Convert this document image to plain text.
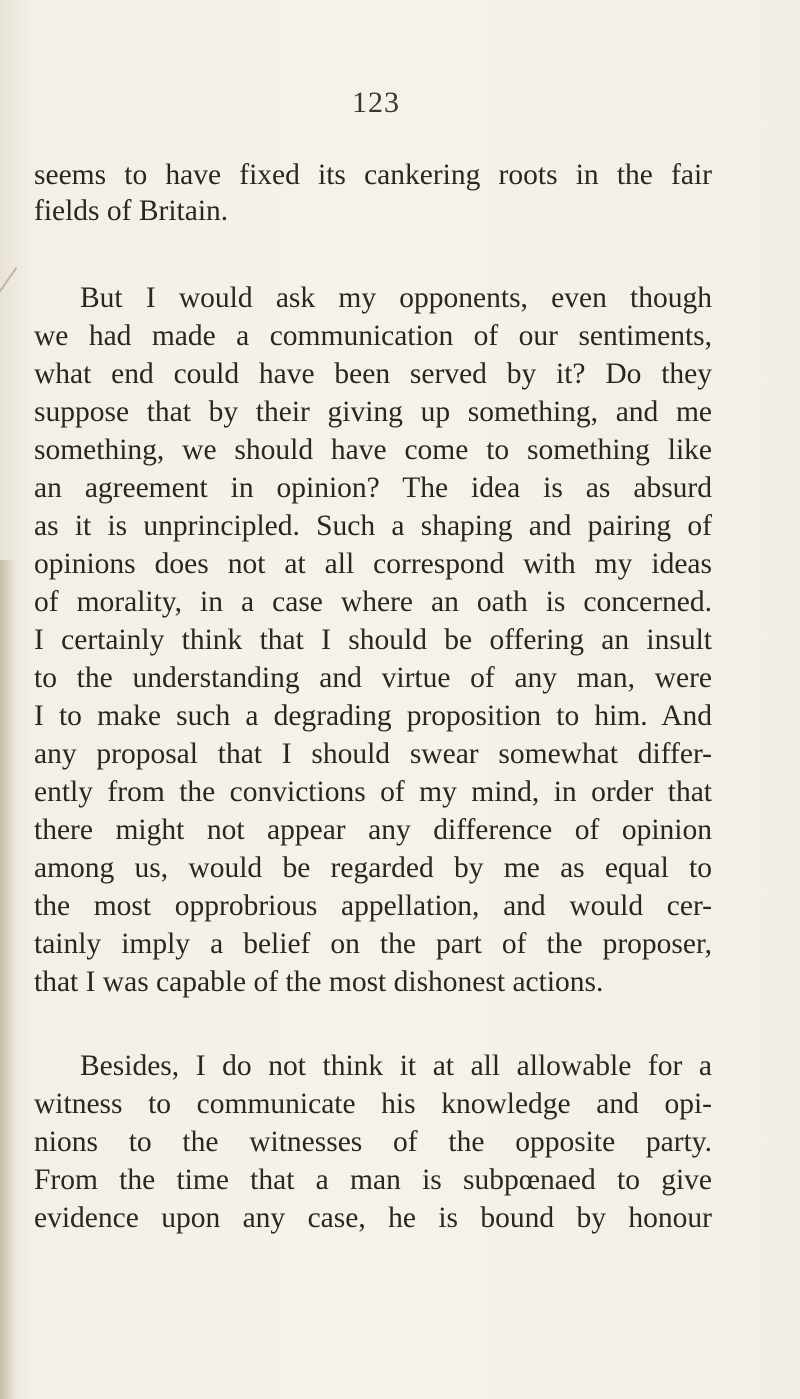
123
seems to have fixed its cankering roots in the fair
fields of Britain.
But I would ask my opponents, even though
we had made a communication of our sentiments,
what end could have been served by it? Do they
suppose that by their giving up something, and me
something, we should have come to something like
an agreement in opinion? The idea is as absurd
as it is unprincipled. Such a shaping and pairing of
opinions does not at all correspond with my ideas
of morality, in a case where an oath is concerned.
I certainly think that I should be offering an insult
to the understanding and virtue of any man, were
I to make such a degrading proposition to him. And
any proposal that I should swear somewhat differ-
ently from the convictions of my mind, in order that
there might not appear any difference of opinion
among us, would be regarded by me as equal to
the most opprobrious appellation, and would cer-
tainly imply a belief on the part of the proposer,
that I was capable of the most dishonest actions.
Besides, I do not think it at all allowable for a
witness to communicate his knowledge and opi-
nions to the witnesses of the opposite party.
From the time that a man is subpœnaed to give
evidence upon any case, he is bound by honour
